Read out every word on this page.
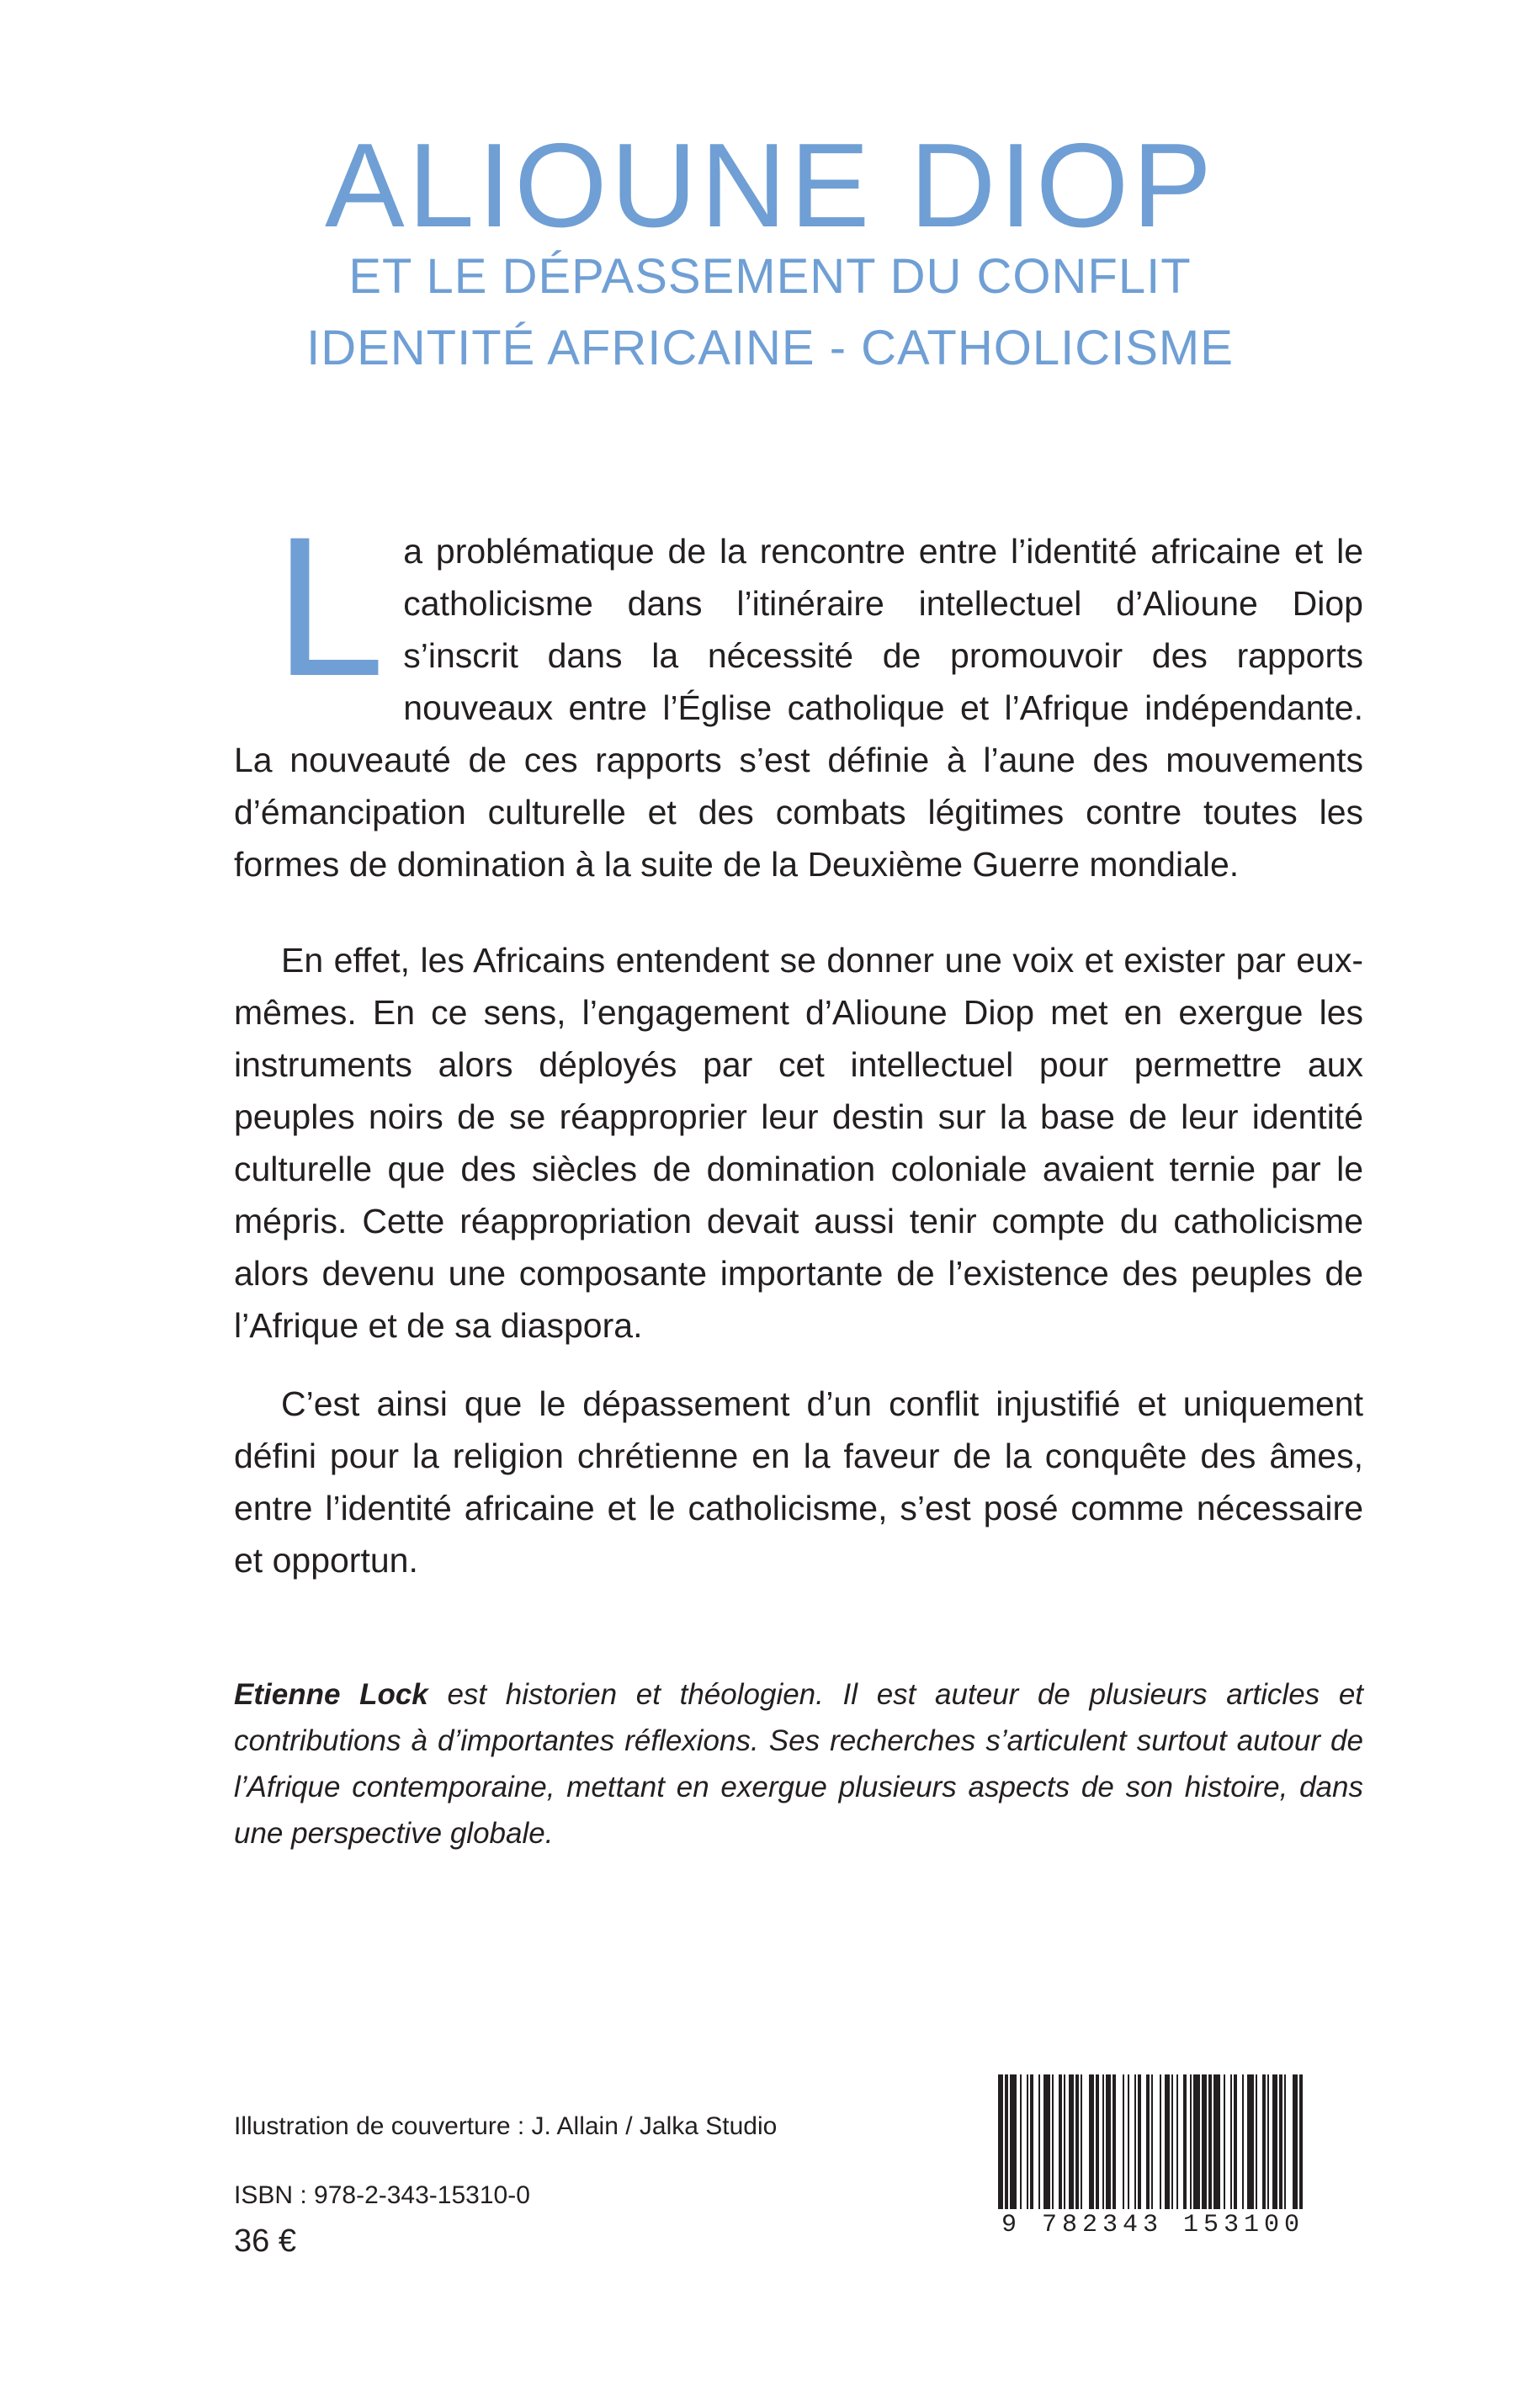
ALIOUNE DIOP
ET LE DÉPASSEMENT DU CONFLIT
IDENTITÉ AFRICAINE - CATHOLICISME
L a problématique de la rencontre entre l’identité africaine et le catholicisme dans l’itinéraire intellectuel d’Alioune Diop s’inscrit dans la nécessité de promouvoir des rapports nouveaux entre l’Église catholique et l’Afrique indépendante. La nouveauté de ces rapports s’est définie à l’aune des mouvements d’émancipation culturelle et des combats légitimes contre toutes les formes de domination à la suite de la Deuxième Guerre mondiale.
En effet, les Africains entendent se donner une voix et exister par eux-mêmes. En ce sens, l’engagement d’Alioune Diop met en exergue les instruments alors déployés par cet intellectuel pour permettre aux peuples noirs de se réapproprier leur destin sur la base de leur identité culturelle que des siècles de domination coloniale avaient ternie par le mépris. Cette réappropriation devait aussi tenir compte du catholicisme alors devenu une composante importante de l’existence des peuples de l’Afrique et de sa diaspora.
C’est ainsi que le dépassement d’un conflit injustifié et uniquement défini pour la religion chrétienne en la faveur de la conquête des âmes, entre l’identité africaine et le catholicisme, s’est posé comme nécessaire et opportun.
Etienne Lock est historien et théologien. Il est auteur de plusieurs articles et contributions à d’importantes réflexions. Ses recherches s’articulent surtout autour de l’Afrique contemporaine, mettant en exergue plusieurs aspects de son histoire, dans une perspective globale.
Illustration de couverture : J. Allain / Jalka Studio
ISBN : 978-2-343-15310-0
36 €	9 782343 153100
